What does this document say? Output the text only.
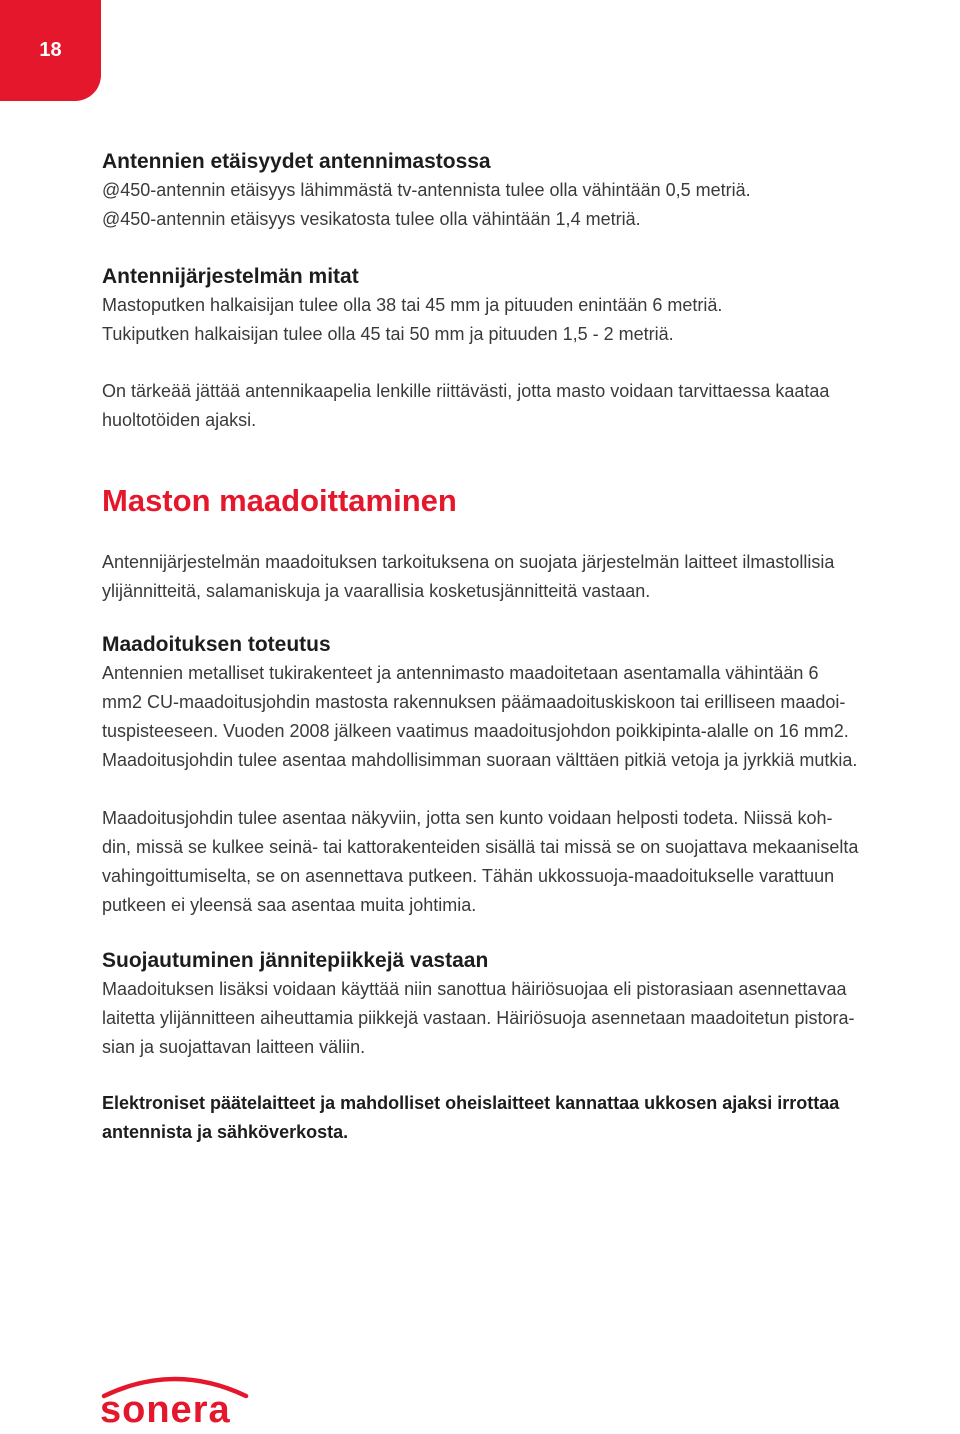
18
Antennien etäisyydet antennimastossa

@450-antennin etäisyys lähimmästä tv-antennista tulee olla vähintään 0,5 metriä.

@450-antennin etäisyys vesikatosta tulee olla vähintään 1,4 metriä.

Antennijärjestelmän mitat

Mastoputken halkaisijan tulee olla 38 tai 45 mm ja pituuden enintään 6 metriä.

Tukiputken halkaisijan tulee olla 45 tai 50 mm ja pituuden 1,5 - 2 metriä.

On tärkeää jättää antennikaapelia lenkille riittävästi, jotta masto voidaan tarvittaessa kaataa

huoltotöiden ajaksi.

Maston maadoittaminen

Antennijärjestelmän maadoituksen tarkoituksena on suojata järjestelmän laitteet ilmastollisia

ylijännitteitä, salamaniskuja ja vaarallisia kosketusjännitteitä vastaan.

Maadoituksen toteutus

Antennien metalliset tukirakenteet ja antennimasto maadoitetaan asentamalla vähintään 6

mm2 CU-maadoitusjohdin mastosta rakennuksen päämaadoituskiskoon tai erilliseen maadoi-

tuspisteeseen. Vuoden 2008 jälkeen vaatimus maadoitusjohdon poikkipinta-alalle on 16 mm2.

Maadoitusjohdin tulee asentaa mahdollisimman suoraan välttäen pitkiä vetoja ja jyrkkiä mutkia.

Maadoitusjohdin tulee asentaa näkyviin, jotta sen kunto voidaan helposti todeta. Niissä koh-

din, missä se kulkee seinä- tai kattorakenteiden sisällä tai missä se on suojattava mekaaniselta

vahingoittumiselta, se on asennettava putkeen. Tähän ukkossuoja-maadoitukselle varattuun

putkeen ei yleensä saa asentaa muita johtimia.

Suojautuminen jännitepiikkejä vastaan

Maadoituksen lisäksi voidaan käyttää niin sanottua häiriösuojaa eli pistorasiaan asennettavaa

laitetta ylijännitteen aiheuttamia piikkejä vastaan. Häiriösuoja asennetaan maadoitetun pistora-

sian ja suojattavan laitteen väliin.

Elektroniset päätelaitteet ja mahdolliset oheislaitteet kannattaa ukkosen ajaksi irrottaa

antennista ja sähköverkosta.

sonera
